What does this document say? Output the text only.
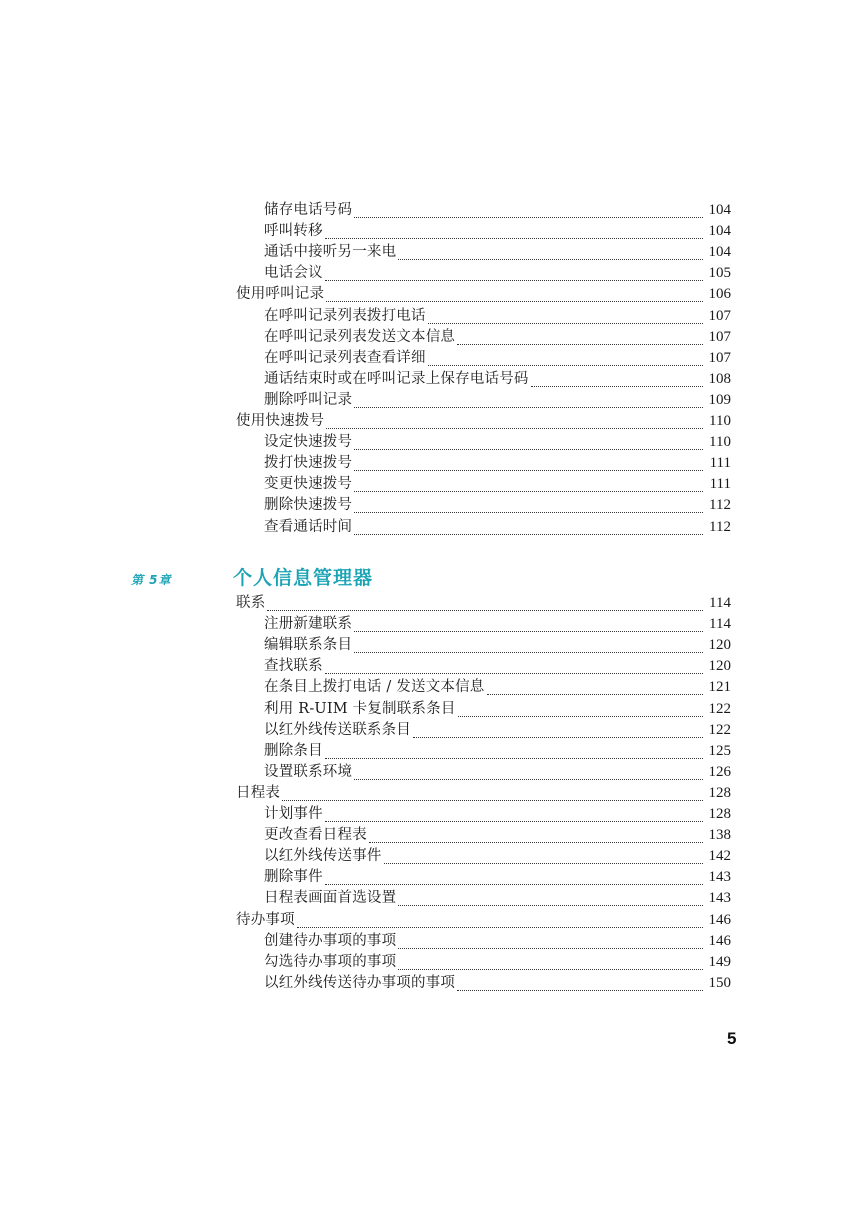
储存电话号码	104
呼叫转移	104
通话中接听另一来电	104
电话会议	105
使用呼叫记录	106
在呼叫记录列表拨打电话	107
在呼叫记录列表发送文本信息	107
在呼叫记录列表查看详细	107
通话结束时或在呼叫记录上保存电话号码	108
删除呼叫记录	109
使用快速拨号	110
设定快速拨号	110
拨打快速拨号	111
变更快速拨号	111
删除快速拨号	112
查看通话时间	112
第 5章	个人信息管理器
联系	114
注册新建联系	114
编辑联系条目	120
查找联系	120
在条目上拨打电话 / 发送文本信息	121
利用 R-UIM 卡复制联系条目	122
以红外线传送联系条目	122
删除条目	125
设置联系环境	126
日程表	128
计划事件	128
更改查看日程表	138
以红外线传送事件	142
删除事件	143
日程表画面首选设置	143
待办事项	146
创建待办事项的事项	146
勾选待办事项的事项	149
以红外线传送待办事项的事项	150
5
